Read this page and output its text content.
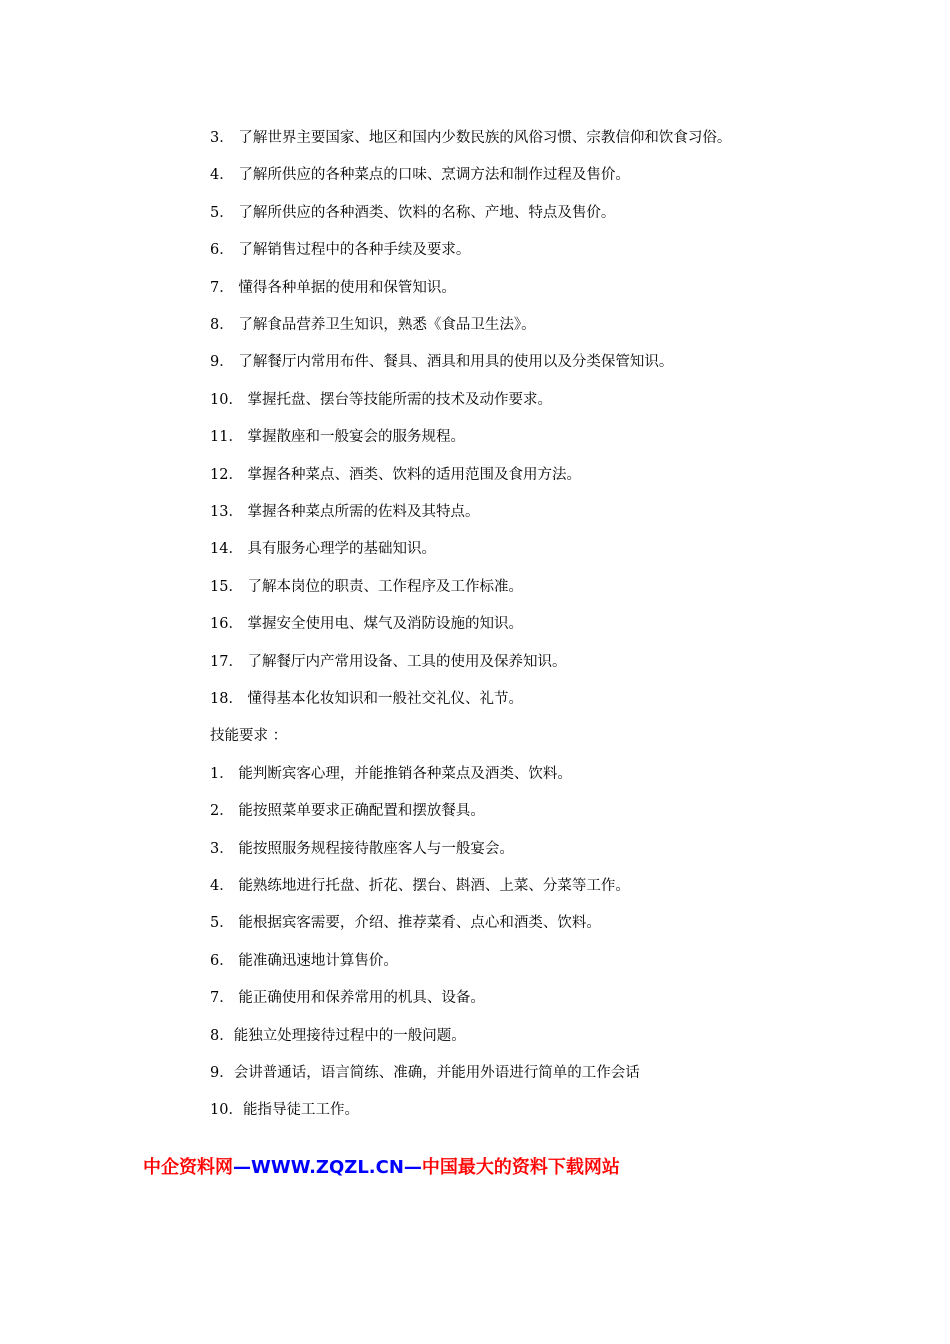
3． 了解世界主要国家、地区和国内少数民族的风俗习惯、宗教信仰和饮食习俗。
4． 了解所供应的各种菜点的口味、烹调方法和制作过程及售价。
5． 了解所供应的各种酒类、饮料的名称、产地、特点及售价。
6． 了解销售过程中的各种手续及要求。
7． 懂得各种单据的使用和保管知识。
8． 了解食品营养卫生知识，熟悉《食品卫生法》。
9． 了解餐厅内常用布件、餐具、酒具和用具的使用以及分类保管知识。
10． 掌握托盘、摆台等技能所需的技术及动作要求。
11． 掌握散座和一般宴会的服务规程。
12． 掌握各种菜点、酒类、饮料的适用范围及食用方法。
13． 掌握各种菜点所需的佐料及其特点。
14． 具有服务心理学的基础知识。
15． 了解本岗位的职责、工作程序及工作标准。
16． 掌握安全使用电、煤气及消防设施的知识。
17． 了解餐厅内产常用设备、工具的使用及保养知识。
18． 懂得基本化妆知识和一般社交礼仪、礼节。
技能要求 ：
1． 能判断宾客心理，并能推销各种菜点及酒类、饮料。
2． 能按照菜单要求正确配置和摆放餐具。
3． 能按照服务规程接待散座客人与一般宴会。
4． 能熟练地进行托盘、折花、摆台、斟酒、上菜、分菜等工作。
5． 能根据宾客需要，介绍、推荐菜肴、点心和酒类、饮料。
6． 能准确迅速地计算售价。
7． 能正确使用和保养常用的机具、设备。
8．能独立处理接待过程中的一般问题。
9．会讲普通话，语言简练、准确，并能用外语进行简单的工作会话
10．能指导徒工工作。
中企资料网—WWW.ZQZL.CN—中国最大的资料下载网站
